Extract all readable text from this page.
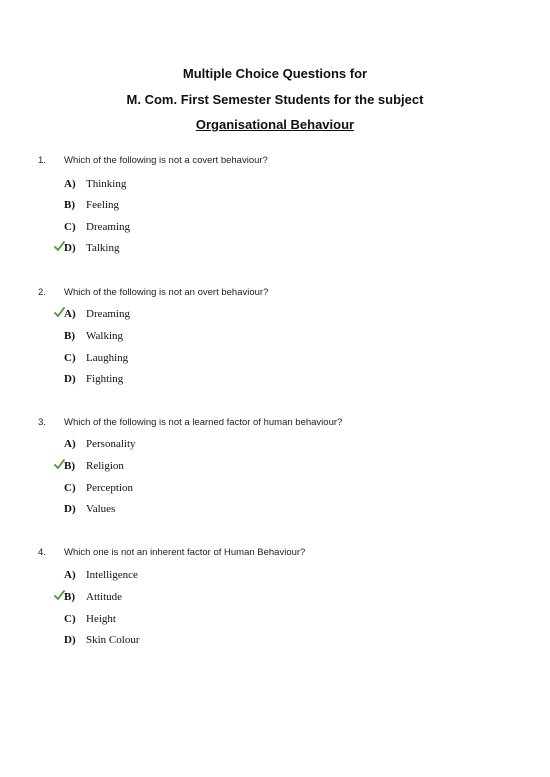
Multiple Choice Questions for
M. Com. First Semester Students for the subject
Organisational Behaviour
1. Which of the following is not a covert behaviour?
A) Thinking
B) Feeling
C) Dreaming
D) Talking
2. Which of the following is not an overt behaviour?
A) Dreaming
B) Walking
C) Laughing
D) Fighting
3. Which of the following is not a learned factor of human behaviour?
A) Personality
B) Religion
C) Perception
D) Values
4. Which one is not an inherent factor of Human Behaviour?
A) Intelligence
B) Attitude
C) Height
D) Skin Colour
